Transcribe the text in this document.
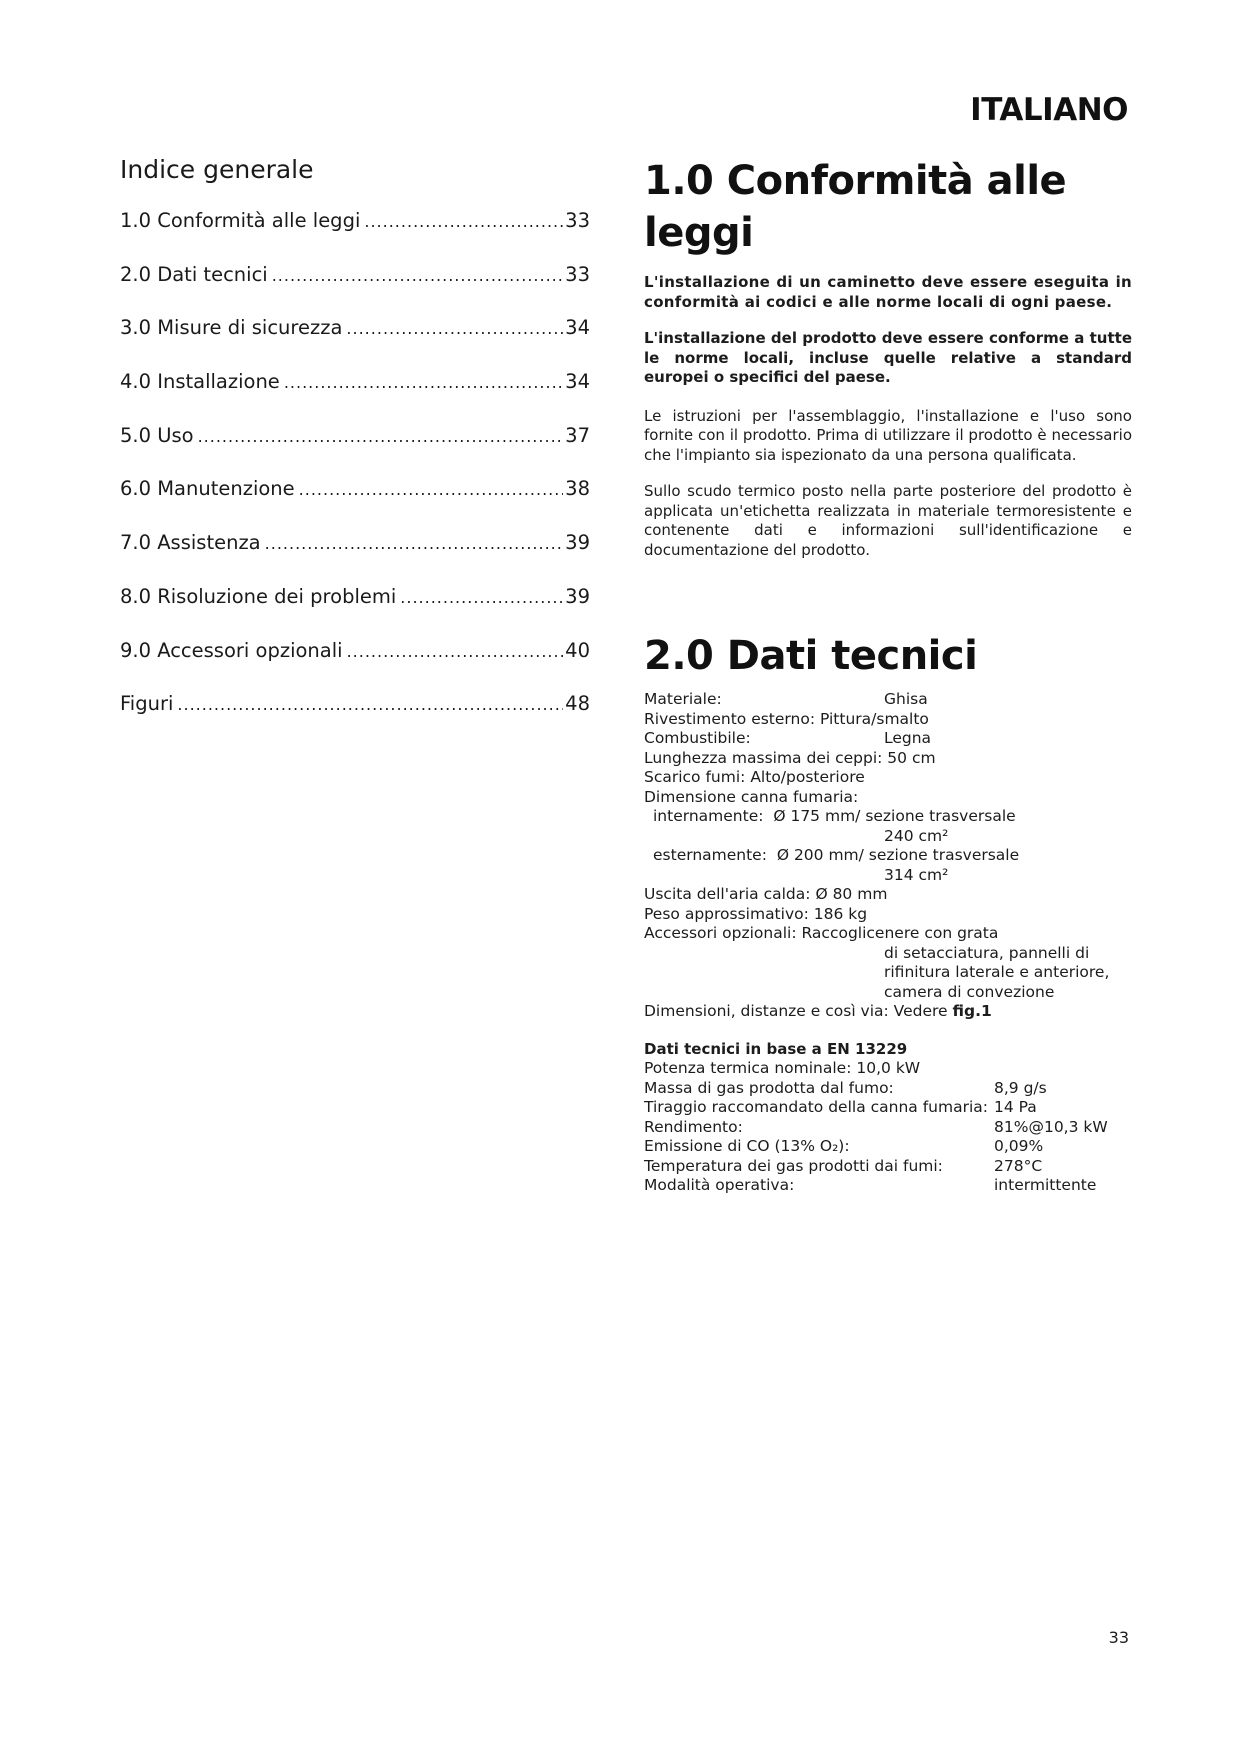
ITALIANO
Indice generale
1.0 Conformità alle leggi .....	33
2.0 Dati tecnici .....	33
3.0 Misure di sicurezza .....	34
4.0 Installazione .....	34
5.0 Uso .....	37
6.0 Manutenzione .....	38
7.0 Assistenza .....	39
8.0 Risoluzione dei problemi .....	39
9.0 Accessori opzionali .....	40
Figuri .....	48
1.0 Conformità alle leggi

L'installazione di un caminetto deve essere eseguita in conformità ai codici e alle norme locali di ogni paese.

L'installazione del prodotto deve essere conforme a tutte le norme locali, incluse quelle relative a standard europei o specifici del paese.

Le istruzioni per l'assemblaggio, l'installazione e l'uso sono fornite con il prodotto. Prima di utilizzare il prodotto è necessario che l'impianto sia ispezionato da una persona qualificata.

Sullo scudo termico posto nella parte posteriore del prodotto è applicata un'etichetta realizzata in materiale termoresistente e contenente dati e informazioni sull'identificazione e documentazione del prodotto.

2.0 Dati tecnici
Materiale:	Ghisa
Rivestimento esterno: Pittura/smalto
Combustibile:	Legna
Lunghezza massima dei ceppi: 50 cm
Scarico fumi: Alto/posteriore
Dimensione canna fumaria:
internamente: Ø 175 mm/ sezione trasversale
240 cm²
esternamente: Ø 200 mm/ sezione trasversale
314 cm²
Uscita dell'aria calda: Ø 80 mm
Peso approssimativo: 186 kg
Accessori opzionali: Raccoglicenere con grata
di setacciatura, pannelli di
rifinitura laterale e anteriore,
camera di convezione
Dimensioni, distanze e così via: Vedere fig.1
Dati tecnici in base a EN 13229
Potenza termica nominale: 10,0 kW
Massa di gas prodotta dal fumo:	8,9 g/s
Tiraggio raccomandato della canna fumaria: 14 Pa
Rendimento:	81%@10,3 kW
Emissione di CO (13% O₂):	0,09%
Temperatura dei gas prodotti dai fumi:	278°C
Modalità operativa:	intermittente
33
